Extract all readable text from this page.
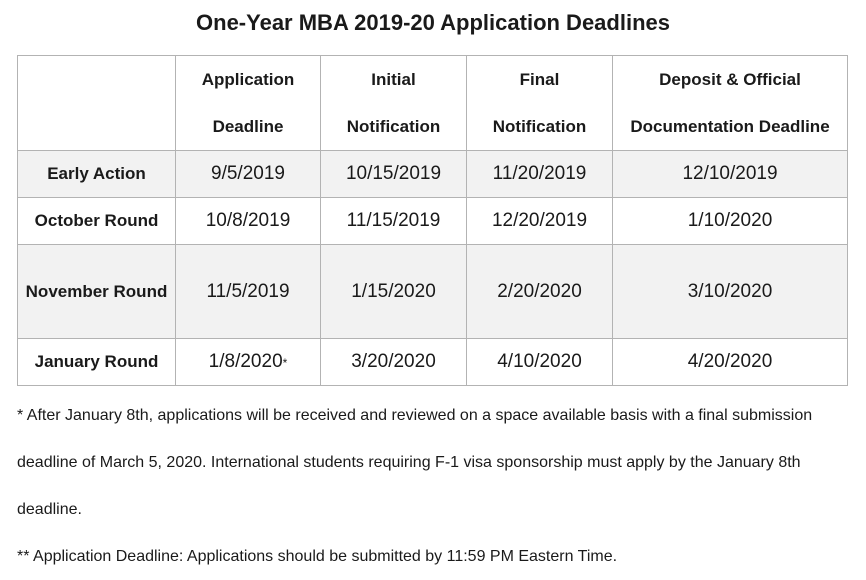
One-Year MBA 2019-20 Application Deadlines
	Application Deadline	Initial Notification	Final Notification	Deposit & Official Documentation Deadline
Early Action	9/5/2019	10/15/2019	11/20/2019	12/10/2019
October Round	10/8/2019	11/15/2019	12/20/2019	1/10/2020
November Round	11/5/2019	1/15/2020	2/20/2020	3/10/2020
January Round	1/8/2020*	3/20/2020	4/10/2020	4/20/2020

* After January 8th, applications will be received and reviewed on a space available basis with a final submission deadline of March 5, 2020. International students requiring F-1 visa sponsorship must apply by the January 8th deadline.

** Application Deadline: Applications should be submitted by 11:59 PM Eastern Time.
